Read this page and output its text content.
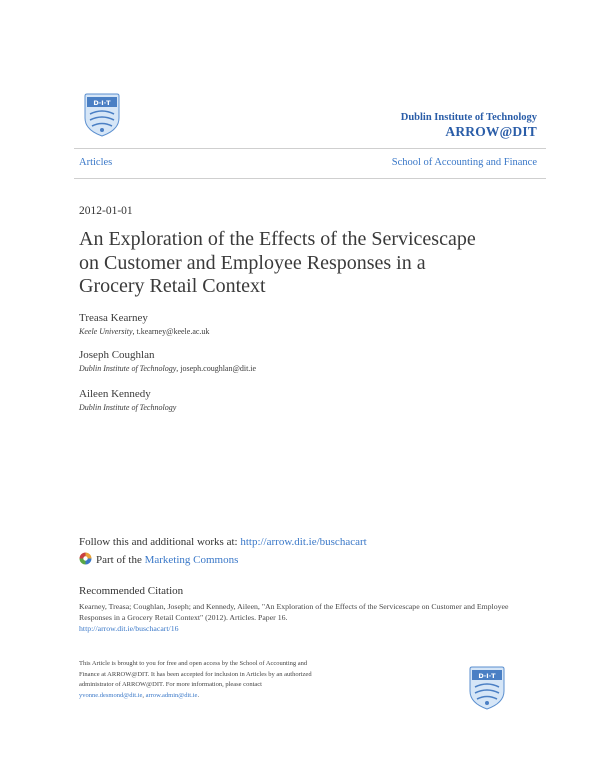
D·I·T
Dublin Institute of Technology
ARROW@DIT
Articles	School of Accounting and Finance
2012-01-01
An Exploration of the Effects of the Servicescape
on Customer and Employee Responses in a
Grocery Retail Context
Treasa Kearney
Keele University, t.kearney@keele.ac.uk
Joseph Coughlan
Dublin Institute of Technology, joseph.coughlan@dit.ie
Aileen Kennedy
Dublin Institute of Technology
Follow this and additional works at: http://arrow.dit.ie/buschacart
Part of the Marketing Commons
Recommended Citation
Kearney, Treasa; Coughlan, Joseph; and Kennedy, Aileen, "An Exploration of the Effects of the Servicescape on Customer and Employee Responses in a Grocery Retail Context" (2012). Articles. Paper 16.
http://arrow.dit.ie/buschacart/16
This Article is brought to you for free and open access by the School of Accounting and Finance at ARROW@DIT. It has been accepted for inclusion in Articles by an authorized administrator of ARROW@DIT. For more information, please contact yvonne.desmond@dit.ie, arrow.admin@dit.ie.
D·I·T
